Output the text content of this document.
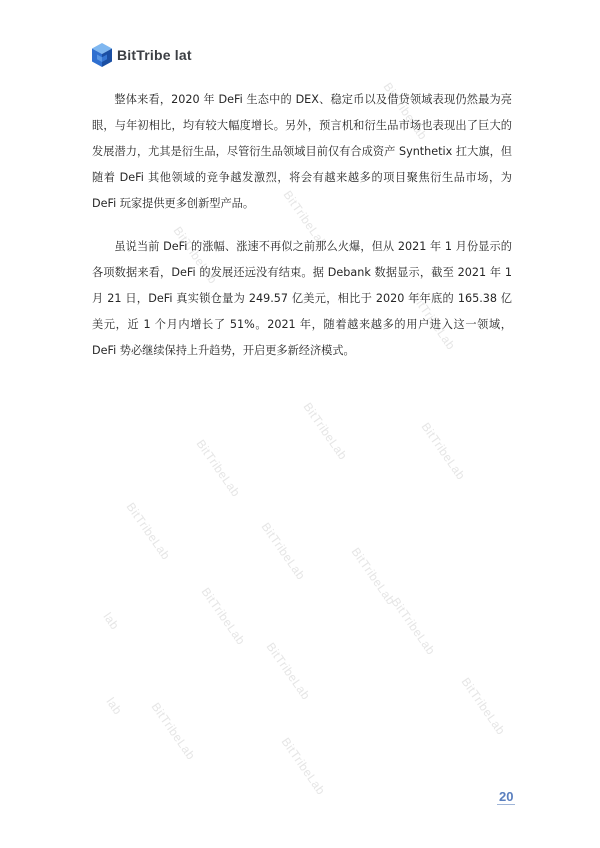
BitTribeLab
BitTribeLab
BitTribeLab
BitTribeLab
BitTribeLab	BitTribeLab
BitTribeLab
BitTribeLab	BitTribeLab	BitTribeLab
BitTribeLab
lab	BitTribeLab
BitTribeLab
BitTribeLab
BitTribeLab
lab
BitTribeLab
BitTribe lat

整体来看，2020 年 DeFi 生态中的 DEX、稳定币以及借贷领域表现仍然最为亮眼，与年初相比，均有较大幅度增长。另外，预言机和衍生品市场也表现出了巨大的发展潜力，尤其是衍生品，尽管衍生品领域目前仅有合成资产 Synthetix 扛大旗，但随着 DeFi 其他领域的竞争越发激烈，将会有越来越多的项目聚焦衍生品市场，为 DeFi 玩家提供更多创新型产品。

虽说当前 DeFi 的涨幅、涨速不再似之前那么火爆，但从 2021 年 1 月份显示的各项数据来看，DeFi 的发展还远没有结束。据 Debank 数据显示，截至 2021 年 1 月 21 日，DeFi 真实锁仓量为 249.57 亿美元，相比于 2020 年年底的 165.38 亿美元，近 1 个月内增长了 51%。2021 年，随着越来越多的用户进入这一领域，DeFi 势必继续保持上升趋势，开启更多新经济模式。

20
